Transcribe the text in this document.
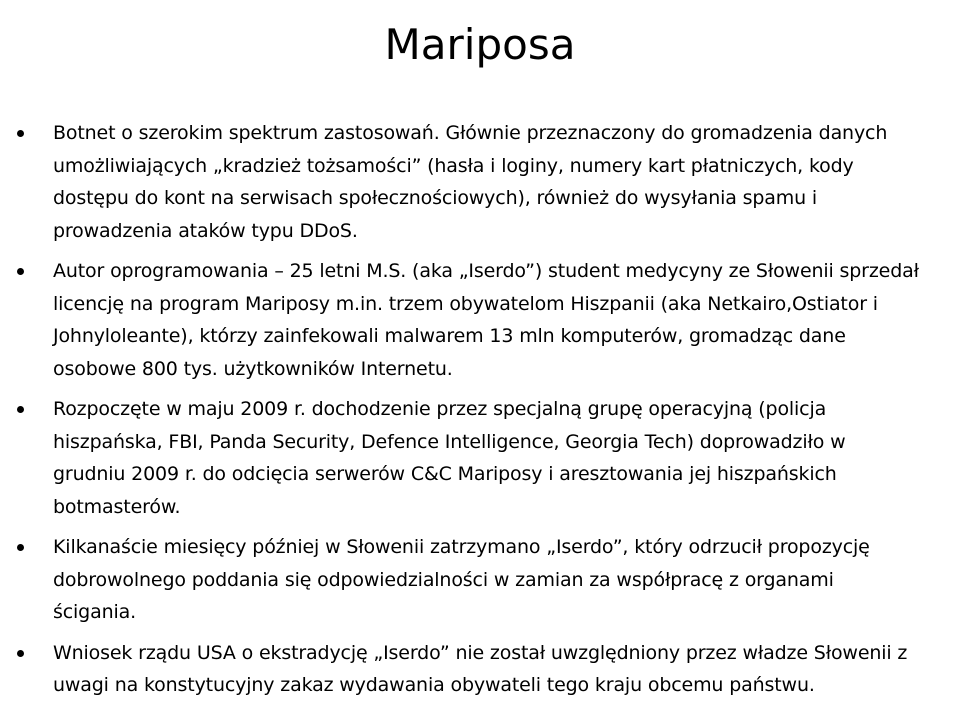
Mariposa
Botnet o szerokim spektrum zastosowań. Głównie przeznaczony do gromadzenia danych umożliwiających „kradzież tożsamości” (hasła i loginy, numery kart płatniczych, kody dostępu do kont na serwisach społecznościowych), również do wysyłania spamu i prowadzenia ataków typu DDoS.
Autor oprogramowania – 25 letni M.S. (aka „Iserdo”) student medycyny ze Słowenii sprzedał licencję na program Mariposy m.in. trzem obywatelom Hiszpanii (aka Netkairo,Ostiator i Johnyloleante), którzy zainfekowali malwarem 13 mln komputerów, gromadząc dane osobowe 800 tys. użytkowników Internetu.
Rozpoczęte w maju 2009 r. dochodzenie przez specjalną grupę operacyjną (policja hiszpańska, FBI, Panda Security, Defence Intelligence, Georgia Tech) doprowadziło w grudniu 2009 r. do odcięcia serwerów C&C Mariposy i aresztowania jej hiszpańskich botmasterów.
Kilkanaście miesięcy później w Słowenii zatrzymano „Iserdo”, który odrzucił propozycję dobrowolnego poddania się odpowiedzialności w zamian za współpracę z organami ścigania.
Wniosek rządu USA o ekstradycję „Iserdo” nie został uwzględniony przez władze Słowenii z uwagi na konstytucyjny zakaz wydawania obywateli tego kraju obcemu państwu.
